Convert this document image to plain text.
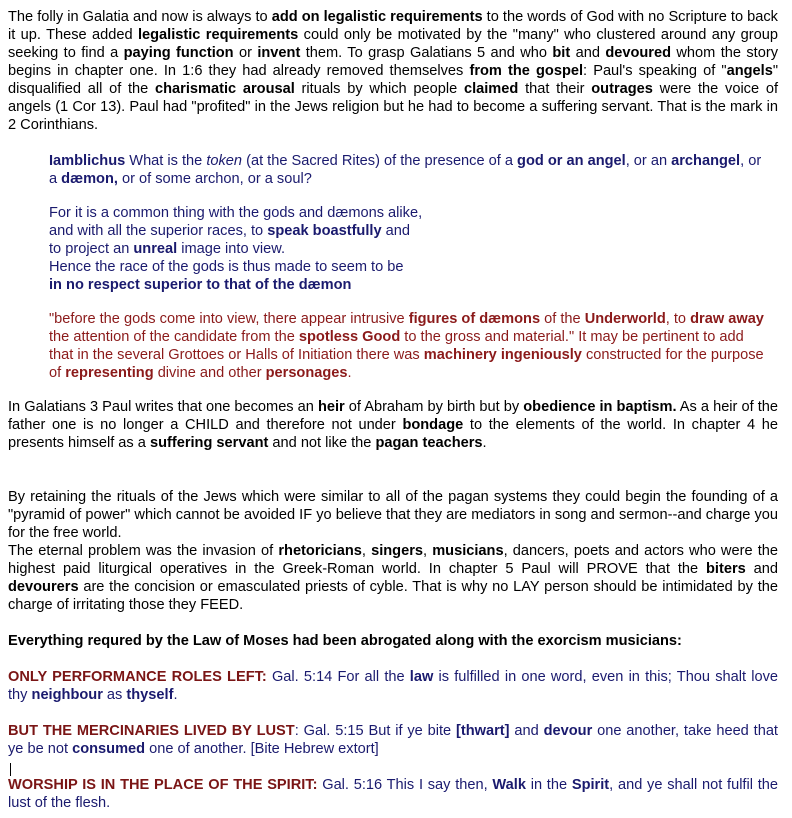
The folly in Galatia and now is always to add on legalistic requirements to the words of God with no Scripture to back it up. These added legalistic requirements could only be motivated by the "many" who clustered around any group seeking to find a paying function or invent them. To grasp Galatians 5 and who bit and devoured whom the story begins in chapter one. In 1:6 they had already removed themselves from the gospel: Paul's speaking of "angels" disqualified all of the charismatic arousal rituals by which people claimed that their outrages were the voice of angels (1 Cor 13). Paul had "profited" in the Jews religion but he had to become a suffering servant. That is the mark in 2 Corinthians.

Iamblichus What is the token (at the Sacred Rites) of the presence of a god or an angel, or an archangel, or a dæmon, or of some archon, or a soul?

For it is a common thing with the gods and dæmons alike,
and with all the superior races, to speak boastfully and
to project an unreal image into view.
Hence the race of the gods is thus made to seem to be
in no respect superior to that of the dæmon

"before the gods come into view, there appear intrusive figures of dæmons of the Underworld, to draw away the attention of the candidate from the spotless Good to the gross and material." It may be pertinent to add that in the several Grottoes or Halls of Initiation there was machinery ingeniously constructed for the purpose of representing divine and other personages.

In Galatians 3 Paul writes that one becomes an heir of Abraham by birth but by obedience in baptism. As a heir of the father one is no longer a CHILD and therefore not under bondage to the elements of the world. In chapter 4 he presents himself as a suffering servant and not like the pagan teachers.

By retaining the rituals of the Jews which were similar to all of the pagan systems they could begin the founding of a "pyramid of power" which cannot be avoided IF yo believe that they are mediators in song and sermon--and charge you for the free world.

The eternal problem was the invasion of rhetoricians, singers, musicians, dancers, poets and actors who were the highest paid liturgical operatives in the Greek-Roman world. In chapter 5 Paul will PROVE that the biters and devourers are the concision or emasculated priests of cyble. That is why no LAY person should be intimidated by the charge of irritating those they FEED.

Everything requred by the Law of Moses had been abrogated along with the exorcism musicians:

ONLY PERFORMANCE ROLES LEFT: Gal. 5:14 For all the law is fulfilled in one word, even in this; Thou shalt love thy neighbour as thyself.

BUT THE MERCINARIES LIVED BY LUST: Gal. 5:15 But if ye bite [thwart] and devour one another, take heed that ye be not consumed one of another. [Bite Hebrew extort]

WORSHIP IS IN THE PLACE OF THE SPIRIT: Gal. 5:16 This I say then, Walk in the Spirit, and ye shall not fulfil the lust of the flesh.
